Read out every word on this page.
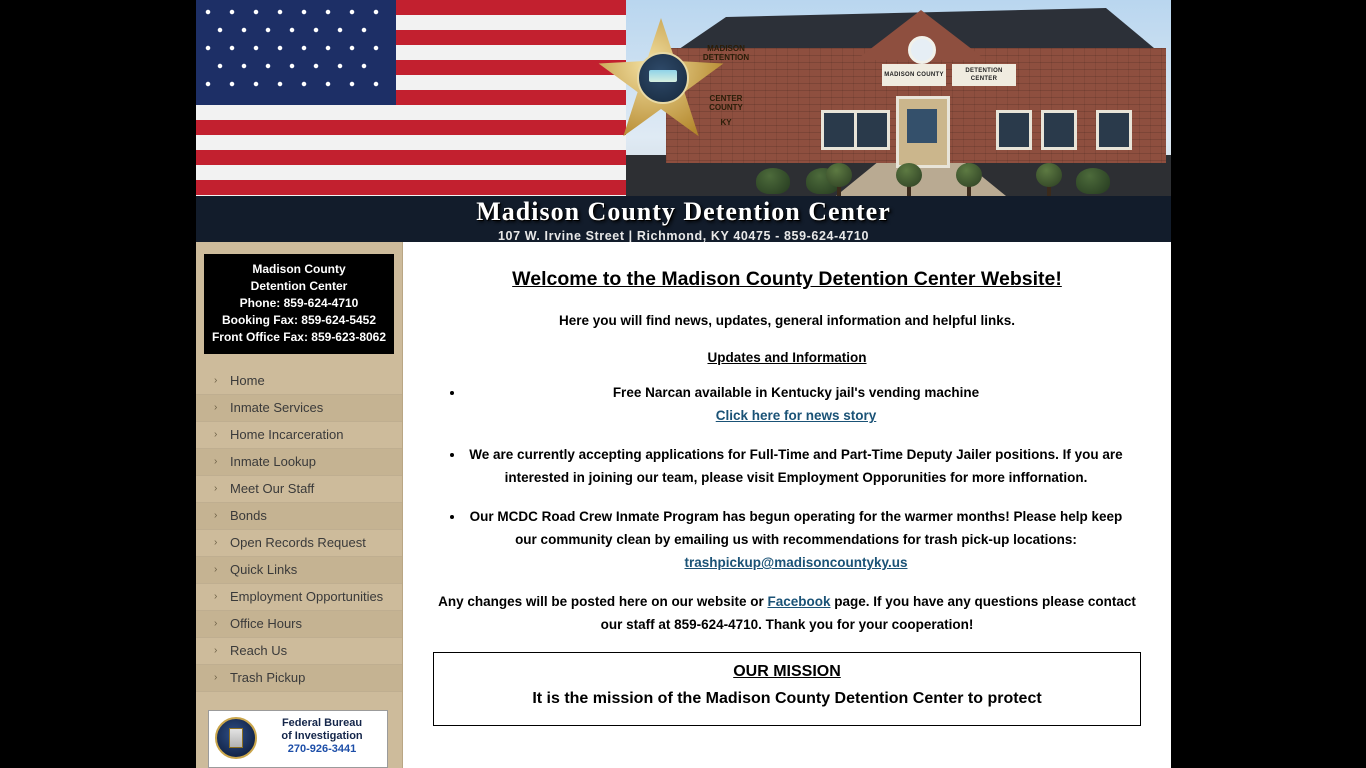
MADISON COUNTY
DETENTION CENTER
MADISON
DETENTION
CENTER
COUNTY
KY
Madison County Detention Center
107 W. Irvine Street | Richmond, KY 40475 - 859-624-4710
Madison County
Detention Center
Phone: 859-624-4710
Booking Fax: 859-624-5452
Front Office Fax: 859-623-8062
› Home
› Inmate Services
› Home Incarceration
› Inmate Lookup
› Meet Our Staff
› Bonds
› Open Records Request
› Quick Links
› Employment Opportunities
› Office Hours
› Reach Us
› Trash Pickup
Federal Bureau
of Investigation
270-926-3441
Welcome to the Madison County Detention Center Website!

Here you will find news, updates, general information and helpful links.

Updates and Information
• Free Narcan available in Kentucky jail's vending machine
Click here for news story
• We are currently accepting applications for Full-Time and Part-Time Deputy Jailer positions. If you are interested in joining our team, please visit Employment Opporunities for more inffornation.
• Our MCDC Road Crew Inmate Program has begun operating for the warmer months! Please help keep our community clean by emailing us with recommendations for trash pick-up locations: trashpickup@madisoncountyky.us

Any changes will be posted here on our website or Facebook page. If you have any questions please contact our staff at 859-624-4710. Thank you for your cooperation!

OUR MISSION
It is the mission of the Madison County Detention Center to protect
